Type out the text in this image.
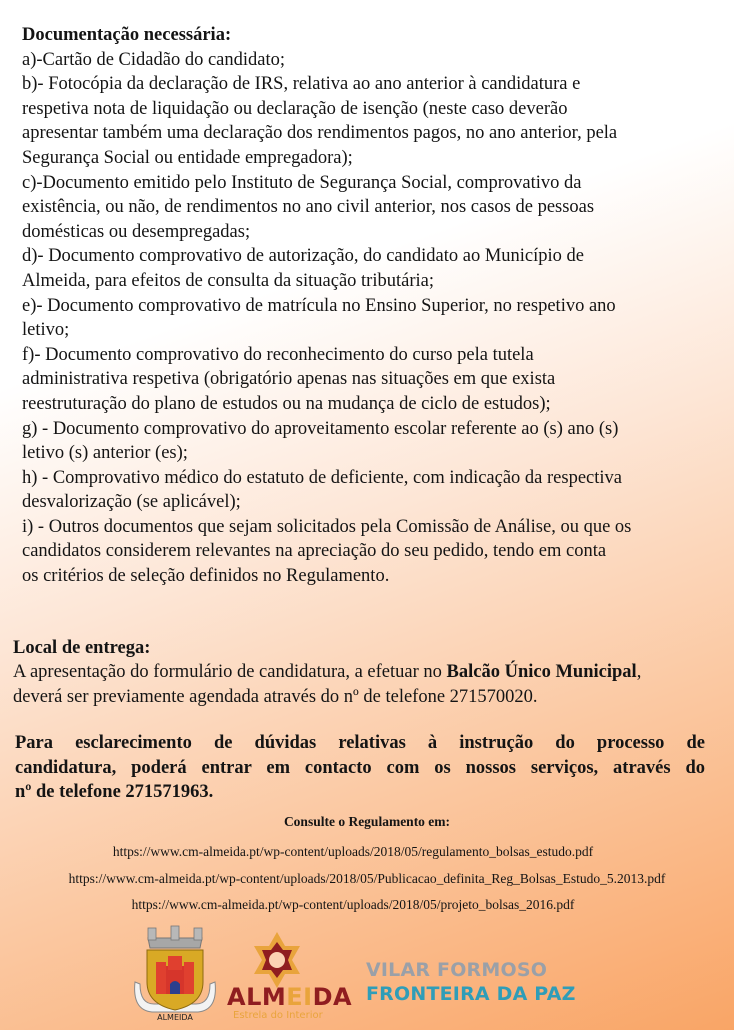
Documentação necessária:
a)-Cartão de Cidadão do candidato;
b)- Fotocópia da declaração de IRS, relativa ao ano anterior à candidatura e
respetiva nota de liquidação ou declaração de isenção (neste caso deverão
apresentar também uma declaração dos rendimentos pagos, no ano anterior, pela
Segurança Social ou entidade empregadora);
c)-Documento emitido pelo Instituto de Segurança Social, comprovativo da
existência, ou não, de rendimentos no ano civil anterior, nos casos de pessoas
domésticas ou desempregadas;
d)- Documento comprovativo de autorização, do candidato ao Município de
Almeida, para efeitos de consulta da situação tributária;
e)- Documento comprovativo de matrícula no Ensino Superior, no respetivo ano
letivo;
f)- Documento comprovativo do reconhecimento do curso pela tutela
administrativa respetiva (obrigatório apenas nas situações em que exista
reestruturação do plano de estudos ou na mudança de ciclo de estudos);
g) - Documento comprovativo do aproveitamento escolar referente ao (s) ano (s)
letivo (s) anterior (es);
h) - Comprovativo médico do estatuto de deficiente, com indicação da respectiva
desvalorização (se aplicável);
i) - Outros documentos que sejam solicitados pela Comissão de Análise, ou que os
candidatos considerem relevantes na apreciação do seu pedido, tendo em conta
os critérios de seleção definidos no Regulamento.
Local de entrega:
A apresentação do formulário de candidatura, a efetuar no Balcão Único Municipal,
deverá ser previamente agendada através do nº de telefone 271570020.
Para esclarecimento de dúvidas relativas à instrução do processo de
candidatura, poderá entrar em contacto com os nossos serviços, através do
nº de telefone 271571963.
Consulte o Regulamento em:
https://www.cm-almeida.pt/wp-content/uploads/2018/05/regulamento_bolsas_estudo.pdf
https://www.cm-almeida.pt/wp-content/uploads/2018/05/Publicacao_definita_Reg_Bolsas_Estudo_5.2013.pdf
https://www.cm-almeida.pt/wp-content/uploads/2018/05/projeto_bolsas_2016.pdf
ALMEIDA
ALMEIDA
Estrela do Interior
VILAR FORMOSO
FRONTEIRA DA PAZ
